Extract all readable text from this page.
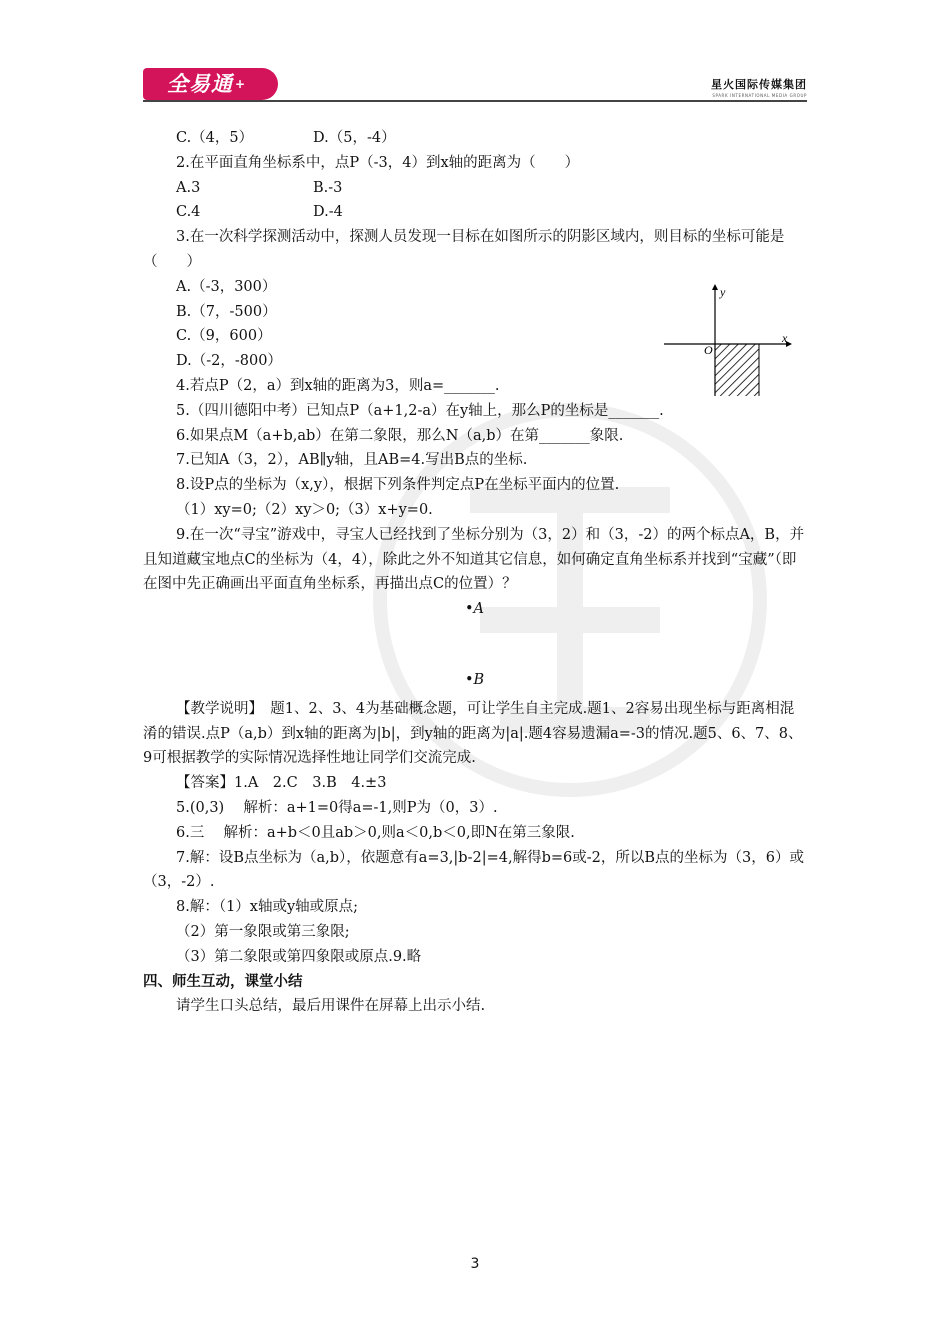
全易通 +	星火国际传媒集团
SPARK INTERNATIONAL MEDIA GROUP

C.（4，5）	D.（5，-4）

2.在平面直角坐标系中，点P（-3，4）到x轴的距离为（　　）

A.3	B.-3

C.4	D.-4

3.在一次科学探测活动中，探测人员发现一目标在如图所示的阴影区域内，则目标的坐标可能是（　　）

A.（-3，300）

B.（7，-500）

C.（9，600）

D.（-2，-800）

4.若点P（2，a）到x轴的距离为3，则a=_______.

5.（四川德阳中考）已知点P（a+1,2-a）在y轴上，那么P的坐标是_______.

6.如果点M（a+b,ab）在第二象限，那么N（a,b）在第_______象限.

7.已知A（3，2），AB∥y轴，且AB=4.写出B点的坐标.

8.设P点的坐标为（x,y），根据下列条件判定点P在坐标平面内的位置.

（1）xy=0;（2）xy＞0;（3）x+y=0.

9.在一次“寻宝”游戏中，寻宝人已经找到了坐标分别为（3，2）和（3，-2）的两个标点A，B，并且知道藏宝地点C的坐标为（4，4），除此之外不知道其它信息，如何确定直角坐标系并找到“宝藏”（即在图中先正确画出平面直角坐标系，再描出点C的位置）？

•A
•B

【教学说明】　题1、2、3、4为基础概念题，可让学生自主完成.题1、2容易出现坐标与距离相混淆的错误.点P（a,b）到x轴的距离为|b|，到y轴的距离为|a|.题4容易遗漏a=-3的情况.题5、6、7、8、9可根据教学的实际情况选择性地让同学们交流完成.

【答案】1.A　2.C　3.B　4.±3

5.(0,3)　 解析：a+1=0得a=-1,则P为（0，3）.

6.三　 解析：a+b＜0且ab＞0,则a＜0,b＜0,即N在第三象限.

7.解：设B点坐标为（a,b），依题意有a=3,|b-2|=4,解得b=6或-2，所以B点的坐标为（3，6）或（3，-2）.

8.解：（1）x轴或y轴或原点;

（2）第一象限或第三象限;

（3）第二象限或第四象限或原点.9.略

四、师生互动，课堂小结

请学生口头总结，最后用课件在屏幕上出示小结.

x
y
O
3
